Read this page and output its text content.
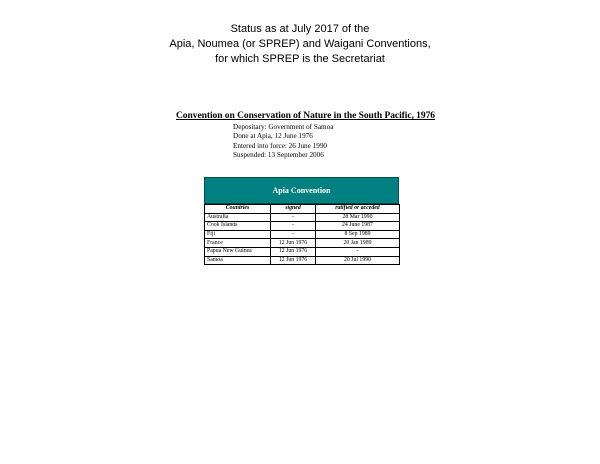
Status as at July 2017 of the
Apia, Noumea (or SPREP) and Waigani Conventions,
for which SPREP is the Secretariat
Convention on Conservation of Nature in the South Pacific, 1976
Depositary: Government of Samoa
Done at Apia, 12 June 1976
Entered into force: 26 June 1990
Suspended: 13 September 2006
Apia Convention
Countries	signed	ratified or acceded
Australia	-	28 Mar 1990
Cook Islands	-	24 June 1987
Fiji	-	8 Sep 1989
France	12 Jun 1976	20 Jan 1989
Papua New Guinea	12 Jun 1976	-
Samoa	12 Jun 1976	20 Jul 1990
